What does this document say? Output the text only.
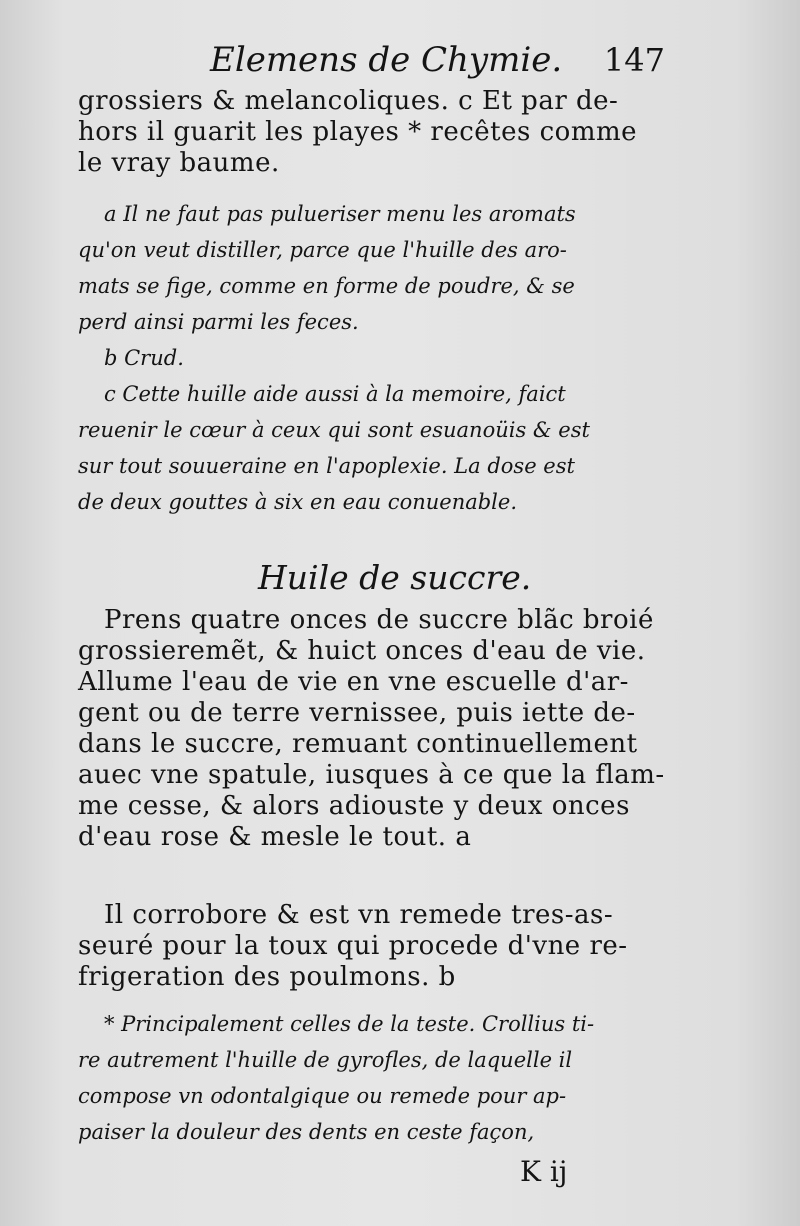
Elemens de Chymie. 147
grossiers & melancoliques. c Et par de-
hors il guarit les playes * recêtes comme
le vray baume.
a Il ne faut pas pulueriser menu les aromats
qu'on veut distiller, parce que l'huille des aro-
mats se fige, comme en forme de poudre, & se
perd ainsi parmi les feces.
b Crud.
c Cette huille aide aussi à la memoire, faict
reuenir le cœur à ceux qui sont esuanoüis & est
sur tout souueraine en l'apoplexie. La dose est
de deux gouttes à six en eau conuenable.
Huile de succre.
Prens quatre onces de succre blãc broié
grossieremẽt, & huict onces d'eau de vie.
Allume l'eau de vie en vne escuelle d'ar-
gent ou de terre vernissee, puis iette de-
dans le succre, remuant continuellement
auec vne spatule, iusques à ce que la flam-
me cesse, & alors adiouste y deux onces
d'eau rose & mesle le tout. a
Il corrobore & est vn remede tres-as-
seuré pour la toux qui procede d'vne re-
frigeration des poulmons. b
* Principalement celles de la teste. Crollius ti-
re autrement l'huille de gyrofles, de laquelle il
compose vn odontalgique ou remede pour ap-
paiser la douleur des dents en ceste façon,
K ij
